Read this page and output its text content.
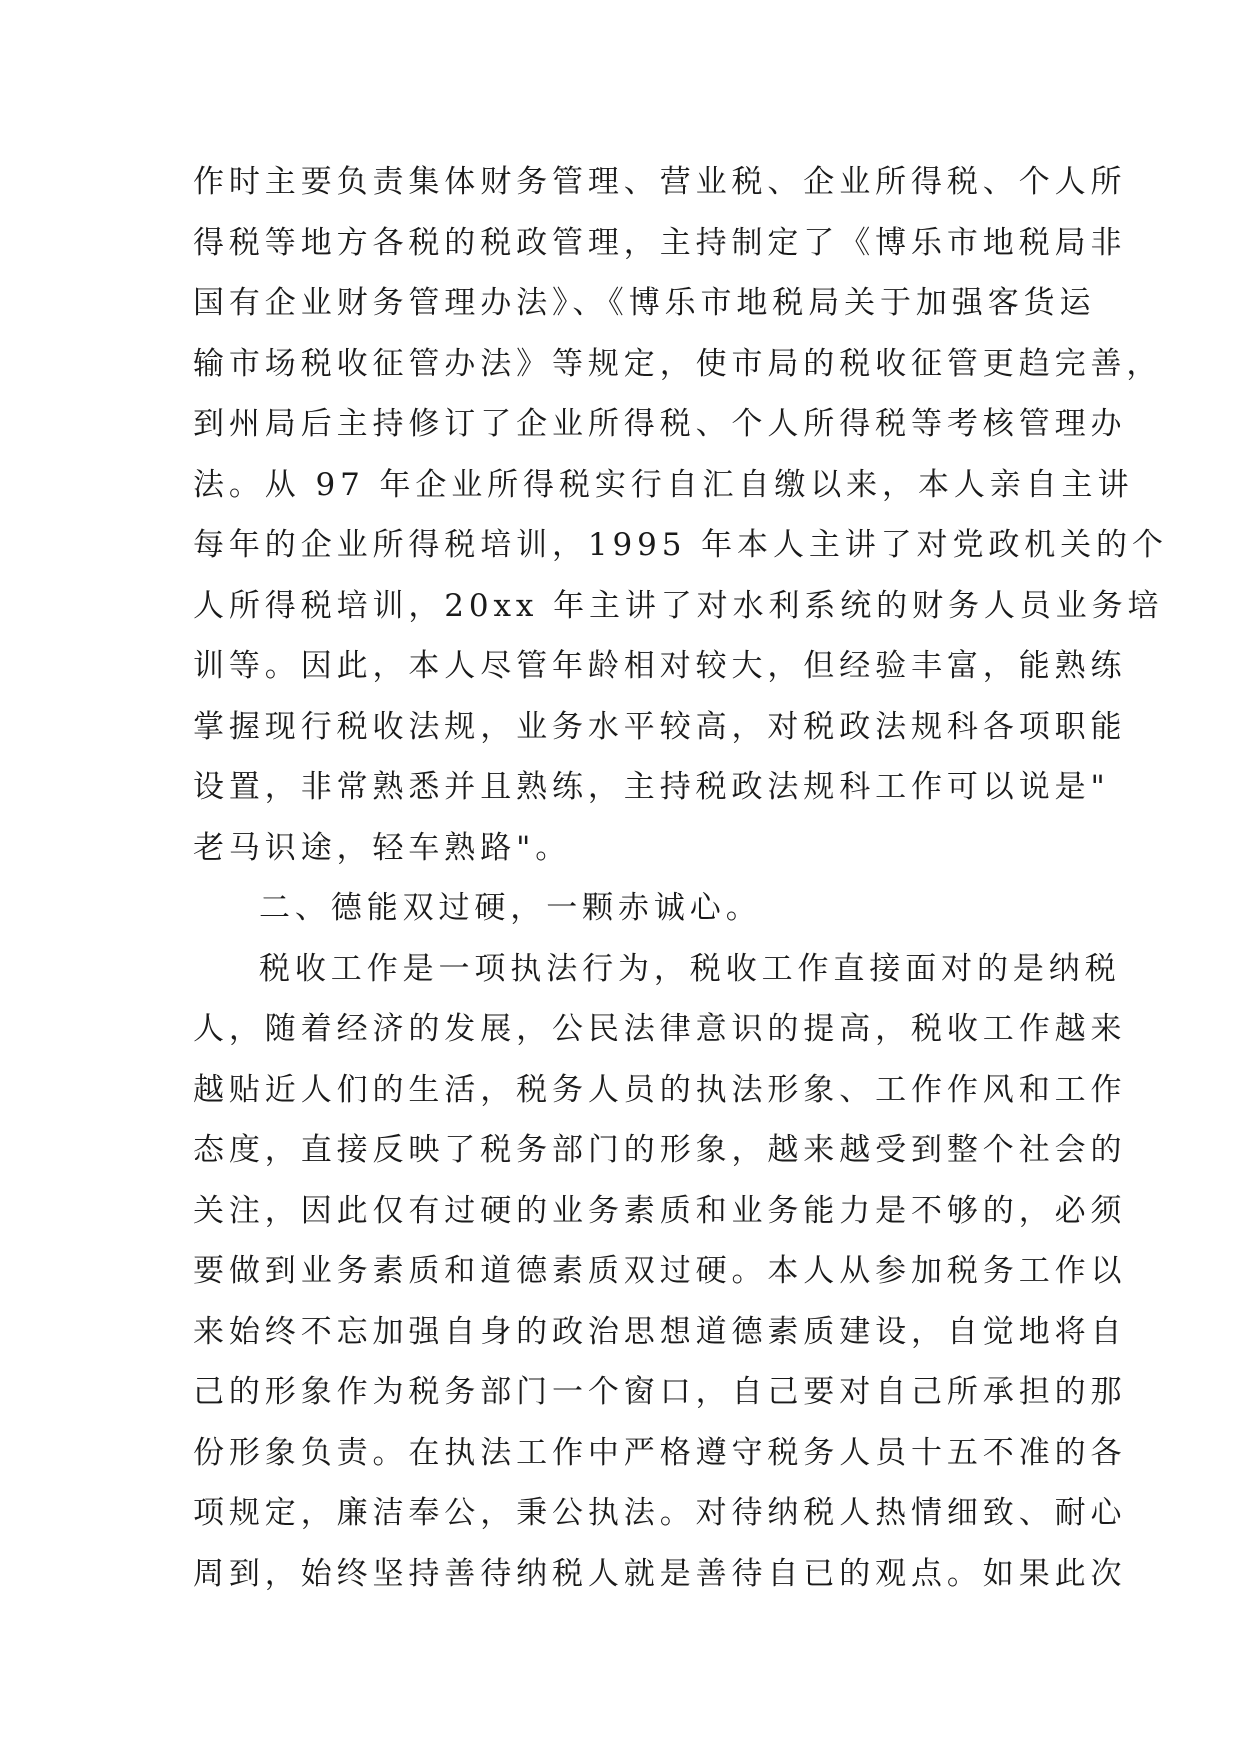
作时主要负责集体财务管理、营业税、企业所得税、个人所
得税等地方各税的税政管理，主持制定了《博乐市地税局非
国有企业财务管理办法》、《博乐市地税局关于加强客货运
输市场税收征管办法》等规定，使市局的税收征管更趋完善，
到州局后主持修订了企业所得税、个人所得税等考核管理办
法。从 97 年企业所得税实行自汇自缴以来，本人亲自主讲
每年的企业所得税培训，1995 年本人主讲了对党政机关的个
人所得税培训，20xx 年主讲了对水利系统的财务人员业务培
训等。因此，本人尽管年龄相对较大，但经验丰富，能熟练
掌握现行税收法规，业务水平较高，对税政法规科各项职能
设置，非常熟悉并且熟练，主持税政法规科工作可以说是"
老马识途，轻车熟路"。
二、德能双过硬，一颗赤诚心。
税收工作是一项执法行为，税收工作直接面对的是纳税
人，随着经济的发展，公民法律意识的提高，税收工作越来
越贴近人们的生活，税务人员的执法形象、工作作风和工作
态度，直接反映了税务部门的形象，越来越受到整个社会的
关注，因此仅有过硬的业务素质和业务能力是不够的，必须
要做到业务素质和道德素质双过硬。本人从参加税务工作以
来始终不忘加强自身的政治思想道德素质建设，自觉地将自
己的形象作为税务部门一个窗口，自己要对自己所承担的那
份形象负责。在执法工作中严格遵守税务人员十五不准的各
项规定，廉洁奉公，秉公执法。对待纳税人热情细致、耐心
周到，始终坚持善待纳税人就是善待自已的观点。如果此次
